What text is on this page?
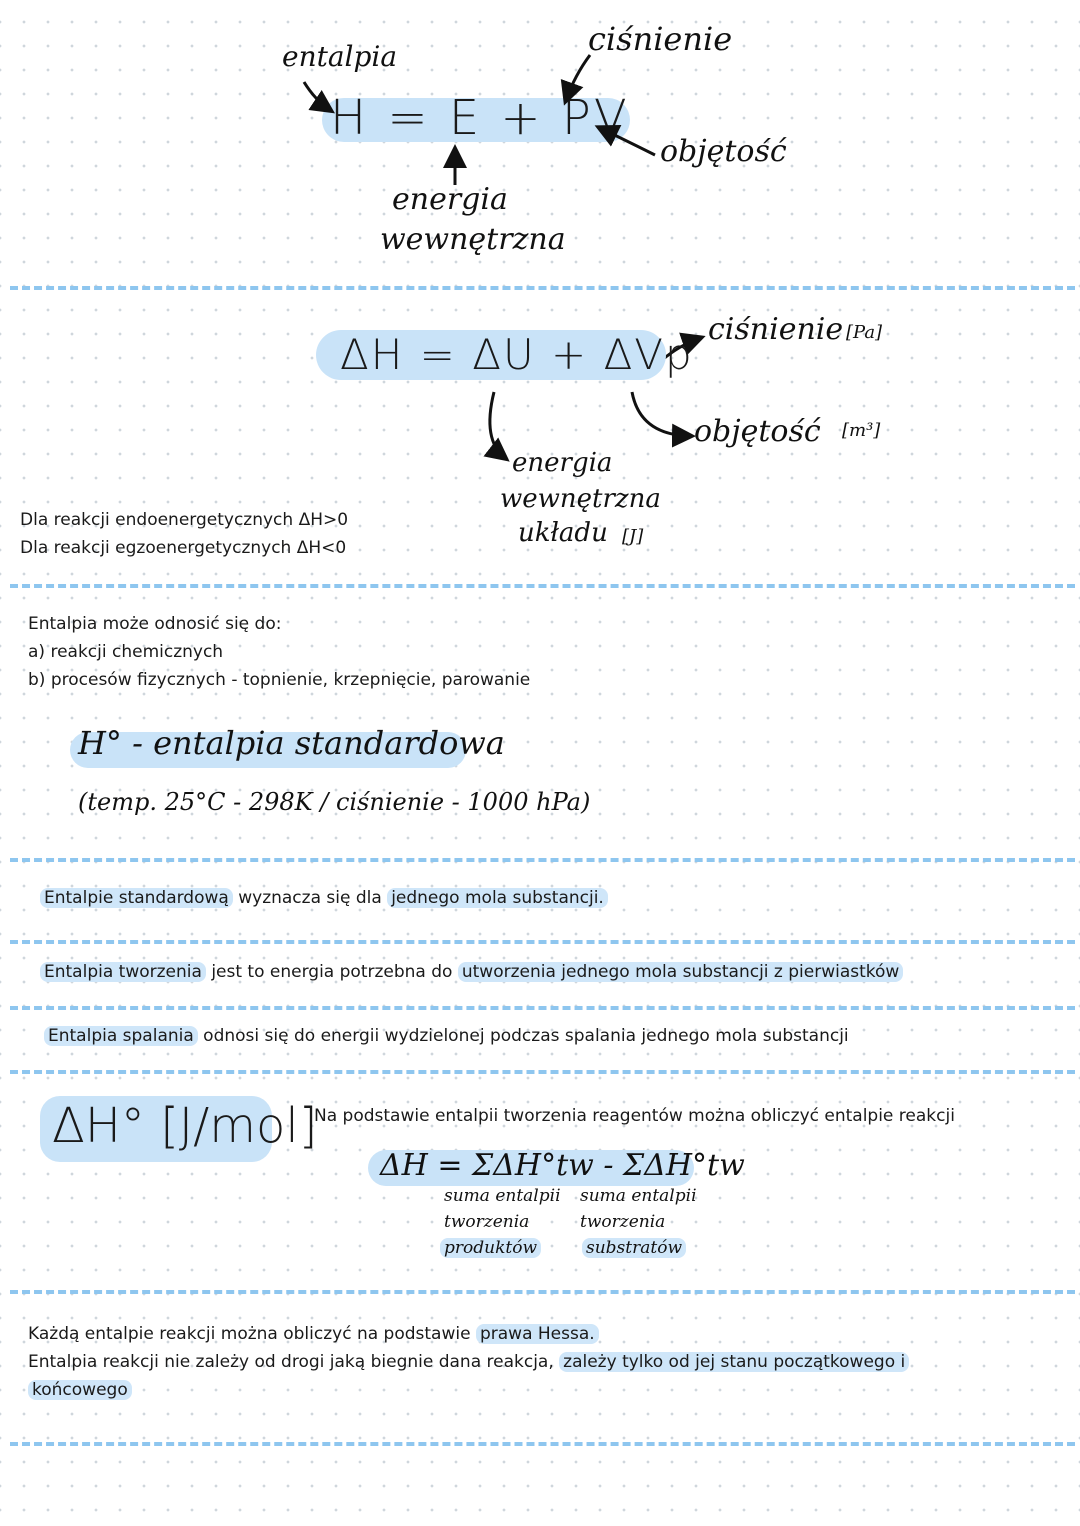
entalpia
H = E + PV
ciśnienie
objętość
energia
wewnętrzna
ΔH = ΔU + ΔVp
ciśnienie [Pa]
objętość [m³]
energia
wewnętrzna
układu [J]
Dla reakcji endoenergetycznych ΔH>0
Dla reakcji egzoenergetycznych ΔH<0
Entalpia może odnosić się do:
a) reakcji chemicznych
b) procesów fizycznych - topnienie, krzepnięcie, parowanie
H° - entalpia standardowa
(temp. 25°C - 298K / ciśnienie - 1000 hPa)
Entalpie standardową wyznacza się dla jednego mola substancji.
Entalpia tworzenia jest to energia potrzebna do utworzenia jednego mola substancji z pierwiastków
Entalpia spalania odnosi się do energii wydzielonej podczas spalania jednego mola substancji
ΔH° [J/mol]
Na podstawie entalpii tworzenia reagentów można obliczyć entalpie reakcji
ΔH = ΣΔH°tw - ΣΔH°tw
suma entalpii
tworzenia
produktów
suma entalpii
tworzenia
substratów
Każdą entalpie reakcji można obliczyć na podstawie prawa Hessa.
Entalpia reakcji nie zależy od drogi jaką biegnie dana reakcja, zależy tylko od jej stanu początkowego i
końcowego
